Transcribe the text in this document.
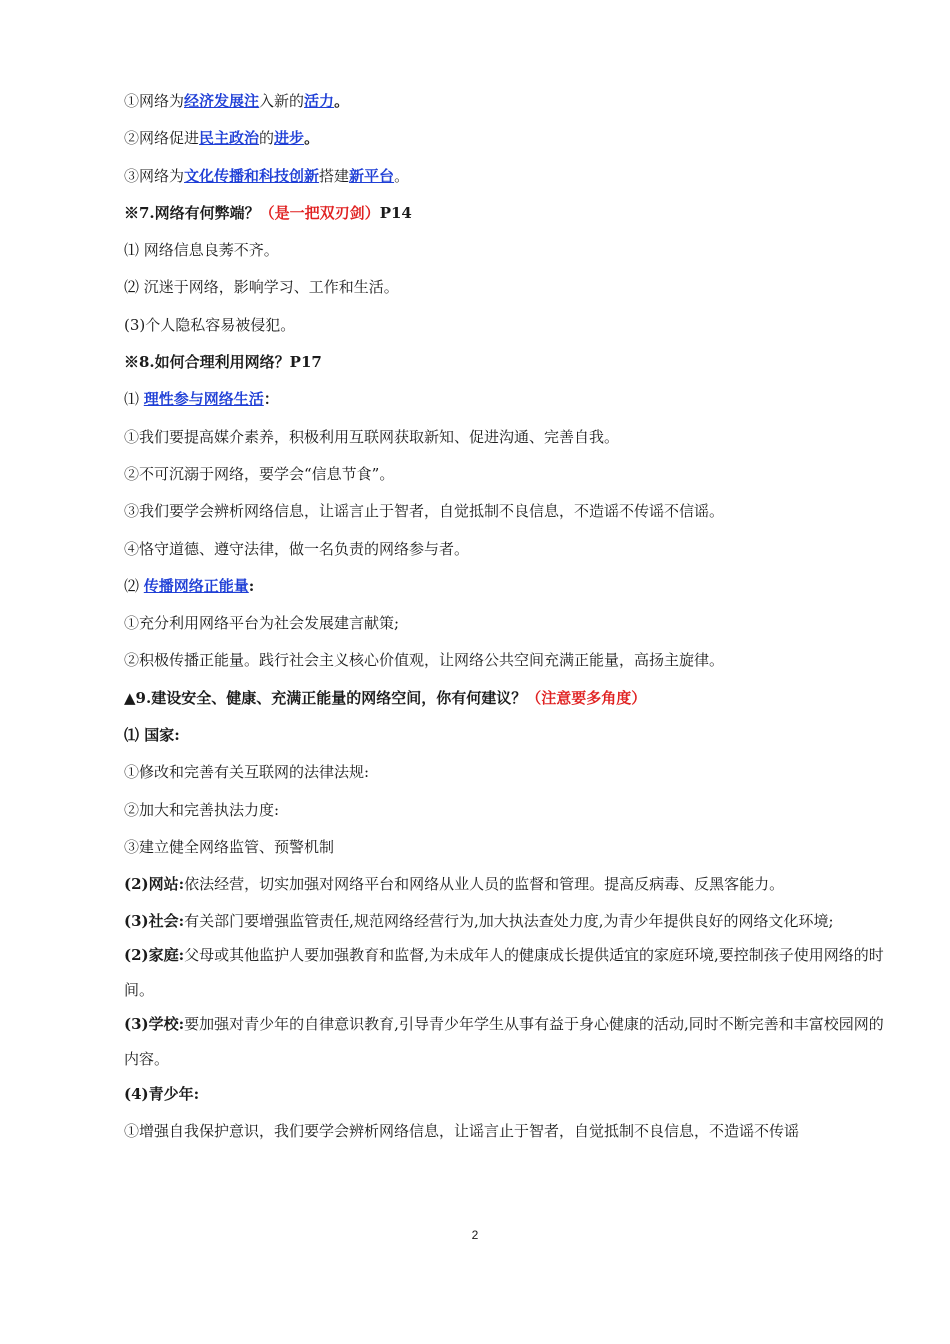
①网络为经济发展注入新的活力。
②网络促进民主政治的进步。
③网络为文化传播和科技创新搭建新平台。
※7.网络有何弊端？（是一把双刃剑）P14
⑴ 网络信息良莠不齐。
⑵ 沉迷于网络，影响学习、工作和生活。
(3)个人隐私容易被侵犯。
※8.如何合理利用网络？P17
⑴ 理性参与网络生活：
①我们要提高媒介素养，积极利用互联网获取新知、促进沟通、完善自我。
②不可沉溺于网络，要学会“信息节食”。
③我们要学会辨析网络信息，让谣言止于智者，自觉抵制不良信息，不造谣不传谣不信谣。
④恪守道德、遵守法律，做一名负责的网络参与者。
⑵ 传播网络正能量:
①充分利用网络平台为社会发展建言献策;
②积极传播正能量。践行社会主义核心价值观，让网络公共空间充满正能量，高扬主旋律。
▲9.建设安全、健康、充满正能量的网络空间，你有何建议？（注意要多角度）
⑴ 国家:
①修改和完善有关互联网的法律法规:
②加大和完善执法力度:
③建立健全网络监管、预警机制
(2)网站:依法经营，切实加强对网络平台和网络从业人员的监督和管理。提高反病毒、反黑客能力。
(3)社会:有关部门要增强监管责任,规范网络经营行为,加大执法查处力度,为青少年提供良好的网络文化环境;
(2)家庭:父母或其他监护人要加强教育和监督,为未成年人的健康成长提供适宜的家庭环境,要控制孩子使用网络的时间。
(3)学校:要加强对青少年的自律意识教育,引导青少年学生从事有益于身心健康的活动,同时不断完善和丰富校园网的内容。
(4)青少年:
①增强自我保护意识，我们要学会辨析网络信息，让谣言止于智者，自觉抵制不良信息，不造谣不传谣
2
